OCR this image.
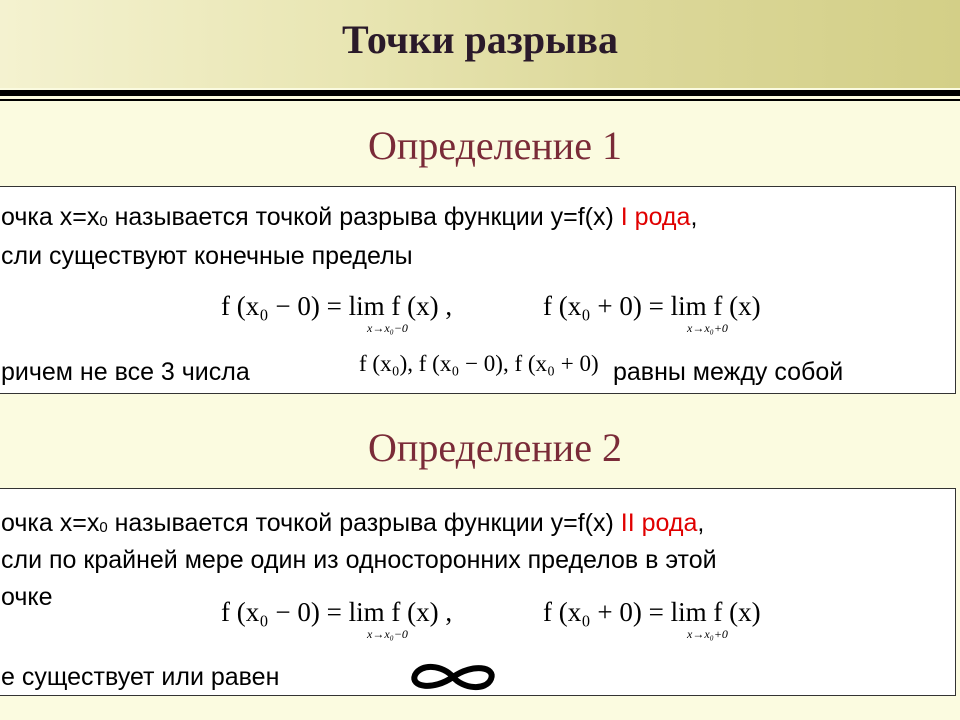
Точки разрыва
Определение 1
очка x=x0 называется точкой разрыва функции y=f(x) I рода,
сли существуют конечные пределы
f (x₀ − 0) = lim f (x) ,
x→x₀−0
f (x₀ + 0) = lim f (x)
x→x₀+0
ричем не все 3 числа	f (x₀), f (x₀ − 0), f (x₀ + 0) равны между собой
Определение 2
очка x=x0 называется точкой разрыва функции y=f(x) II рода,
сли по крайней мере один из односторонних пределов в этой
очке	f (x₀ − 0) = lim f (x) ,
x→x₀−0
f (x₀ + 0) = lim f (x)
x→x₀+0
е существует или равен
